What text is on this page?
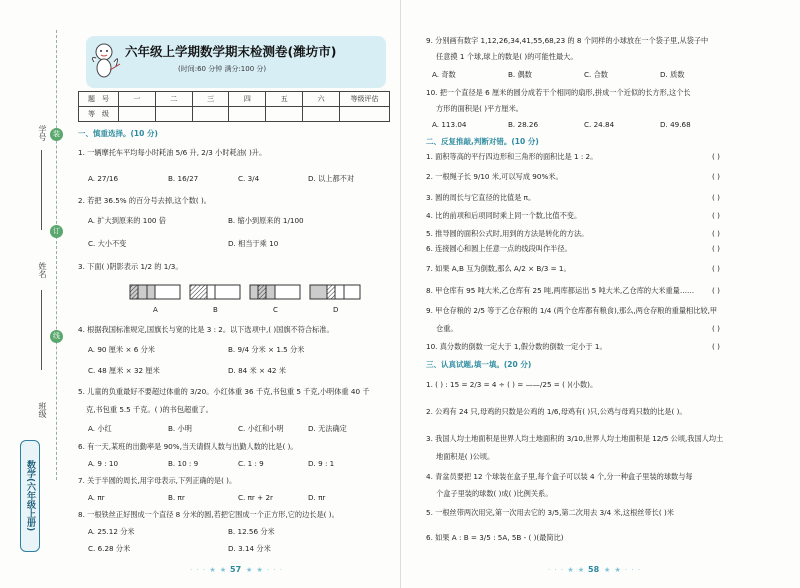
学号
姓名
班级
装
订
线
数学(六年级上册)
六年级上学期数学期末检测卷(潍坊市)
(时间:60 分钟 满分:100 分)
题　号	一	二	三	四	五	六	等级评估
等　级							
一、慎重选择。(10 分)
1. 一辆摩托车平均每小时耗油 5/6 升, 2/3 小时耗油( )升。
A. 27/16	B. 16/27	C. 3/4	D. 以上都不对
2. 若把 36.5% 的百分号去掉,这个数( )。
A. 扩大到原来的 100 倍	B. 缩小到原来的 1/100
C. 大小不变	D. 相当于乘 10
3. 下面( )阴影表示 1/2 的 1/3。
A	B	C	D
4. 根据我国标准规定,国旗长与宽的比是 3 : 2。以下选项中,( )国旗不符合标准。
A. 90 厘米 × 6 分米	B. 9/4 分米 × 1.5 分米
C. 48 厘米 × 32 厘米	D. 84 米 × 42 米
5. 儿童的负重最好不要超过体重的 3/20。小红体重 36 千克,书包重 5 千克,小明体重 40 千
克,书包重 5.5 千克。( )的书包超重了。
A. 小红	B. 小明	C. 小红和小明	D. 无法确定
6. 有一天,某班的出勤率是 90%,当天请假人数与出勤人数的比是( )。
A. 9 : 10	B. 10 : 9	C. 1 : 9	D. 9 : 1
7. 关于半圆的周长,用字母表示,下列正确的是( )。
A. πr	B. πr	C. πr + 2r	D. πr
8. 一根铁丝正好围成一个直径 8 分米的圆,若把它围成一个正方形,它的边长是( )。
A. 25.12 分米	B. 12.56 分米
C. 6.28 分米	D. 3.14 分米
· · · ★ ★ 57 ★ ★ · · ·
9. 分别画有数字 1,12,26,34,41,55,68,23 的 8 个同样的小球放在一个袋子里,从袋子中
任意摸 1 个球,球上的数是( )的可能性最大。
A. 奇数	B. 偶数	C. 合数	D. 质数
10. 把一个直径是 6 厘米的圆分成若干个相同的扇形,拼成一个近似的长方形,这个长
方形的面积是( )平方厘米。
A. 113.04	B. 28.26	C. 24.84	D. 49.68
二、反复推敲,判断对错。(10 分)
1. 面积等高的平行四边形和三角形的面积比是 1 : 2。	( )
2. 一根绳子长 9/10 米,可以写成 90%米。	( )
3. 圆的周长与它直径的比值是 π。	( )
4. 比的前项和后项同时乘上同一个数,比值不变。	( )
5. 推导圆的面积公式时,用到的方法是转化的方法。	( )
6. 连接圆心和圆上任意一点的线段叫作半径。	( )
7. 如果 A,B 互为倒数,那么 A/2 × B/3 = 1。	( )
8. 甲仓库有 95 吨大米,乙仓库有 25 吨,两库都运出 5 吨大米,乙仓库的大米重量…… ( )
9. 甲仓存粮的 2/5 等于乙仓存粮的 1/4 (两个仓库都有粮食),那么,两仓存粮的重量相比较,甲
仓重。	( )
10. 真分数的倒数一定大于 1,假分数的倒数一定小于 1。	( )
三、认真试题,填一填。(20 分)
1. ( ) : 15 = 2/3 = 4 ÷ ( ) = ——/25 = ( )(小数)。
2. 公鸡有 24 只,母鸡的只数是公鸡的 1/6,母鸡有( )只,公鸡与母鸡只数的比是( )。
3. 我国人均土地面积是世界人均土地面积的 3/10,世界人均土地面积是 12/5 公顷,我国人均土
地面积是( )公顷。
4. 青盆员要把 12 个球装在盒子里,每个盒子可以装 4 个,分一种盒子里装的球数与每
个盒子里装的球数( )成( )比例关系。
5. 一根丝带两次用完,第一次用去它的 3/5,第二次用去 3/4 米,这根丝带长( )米
6. 如果 A : B = 3/5 : 5A, 5B - ( )(最简比)
· · · ★ ★ 58 ★ ★ · · ·
